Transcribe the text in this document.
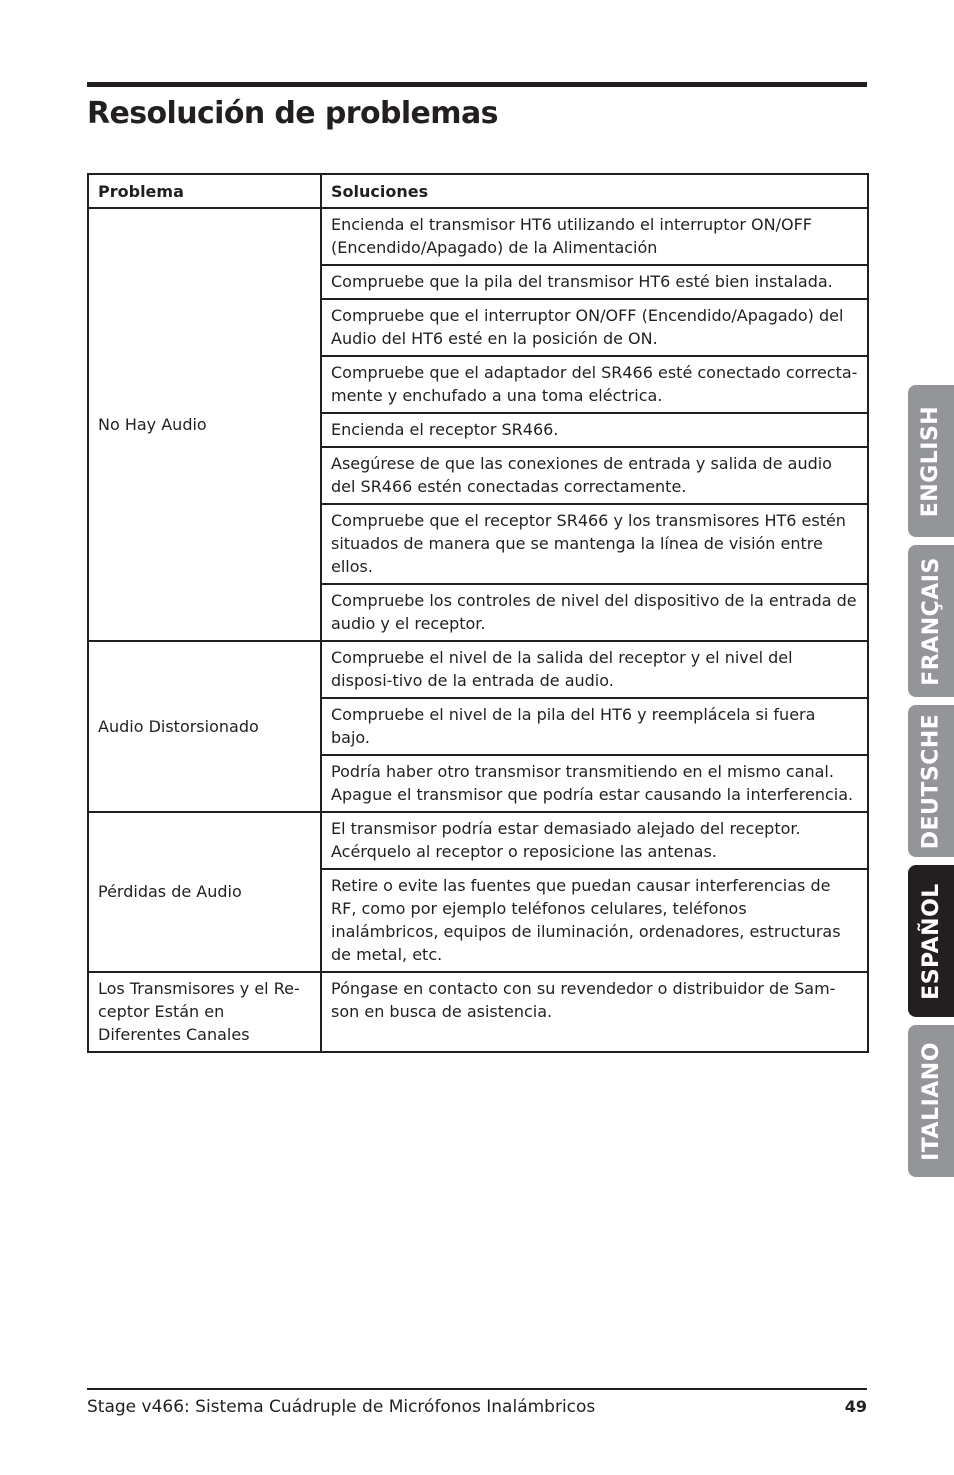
Resolución de problemas
Problema	Soluciones
No Hay Audio	Encienda el transmisor HT6 utilizando el interruptor ON/OFF (Encendido/Apagado) de la Alimentación
	Compruebe que la pila del transmisor HT6 esté bien instalada.
	Compruebe que el interruptor ON/OFF (Encendido/Apagado) del Audio del HT6 esté en la posición de ON.
	Compruebe que el adaptador del SR466 esté conectado correcta-mente y enchufado a una toma eléctrica.
	Encienda el receptor SR466.
	Asegúrese de que las conexiones de entrada y salida de audio del SR466 estén conectadas correctamente.
	Compruebe que el receptor SR466 y los transmisores HT6 estén situados de manera que se mantenga la línea de visión entre ellos.
	Compruebe los controles de nivel del dispositivo de la entrada de audio y el receptor.
Audio Distorsionado	Compruebe el nivel de la salida del receptor y el nivel del disposi-tivo de la entrada de audio.
	Compruebe el nivel de la pila del HT6 y reemplácela si fuera bajo.
	Podría haber otro transmisor transmitiendo en el mismo canal. Apague el transmisor que podría estar causando la interferencia.
Pérdidas de Audio	El transmisor podría estar demasiado alejado del receptor. Acérquelo al receptor o reposicione las antenas.
	Retire o evite las fuentes que puedan causar interferencias de RF, como por ejemplo teléfonos celulares, teléfonos inalámbricos, equipos de iluminación, ordenadores, estructuras de metal, etc.
Los Transmisores y el Re-ceptor Están en Diferentes Canales	Póngase en contacto con su revendedor o distribuidor de Sam-son en busca de asistencia.
ENGLISH
FRANÇAIS
DEUTSCHE
ESPAÑOL
ITALIANO
Stage v466: Sistema Cuádruple de Micrófonos Inalámbricos	49
